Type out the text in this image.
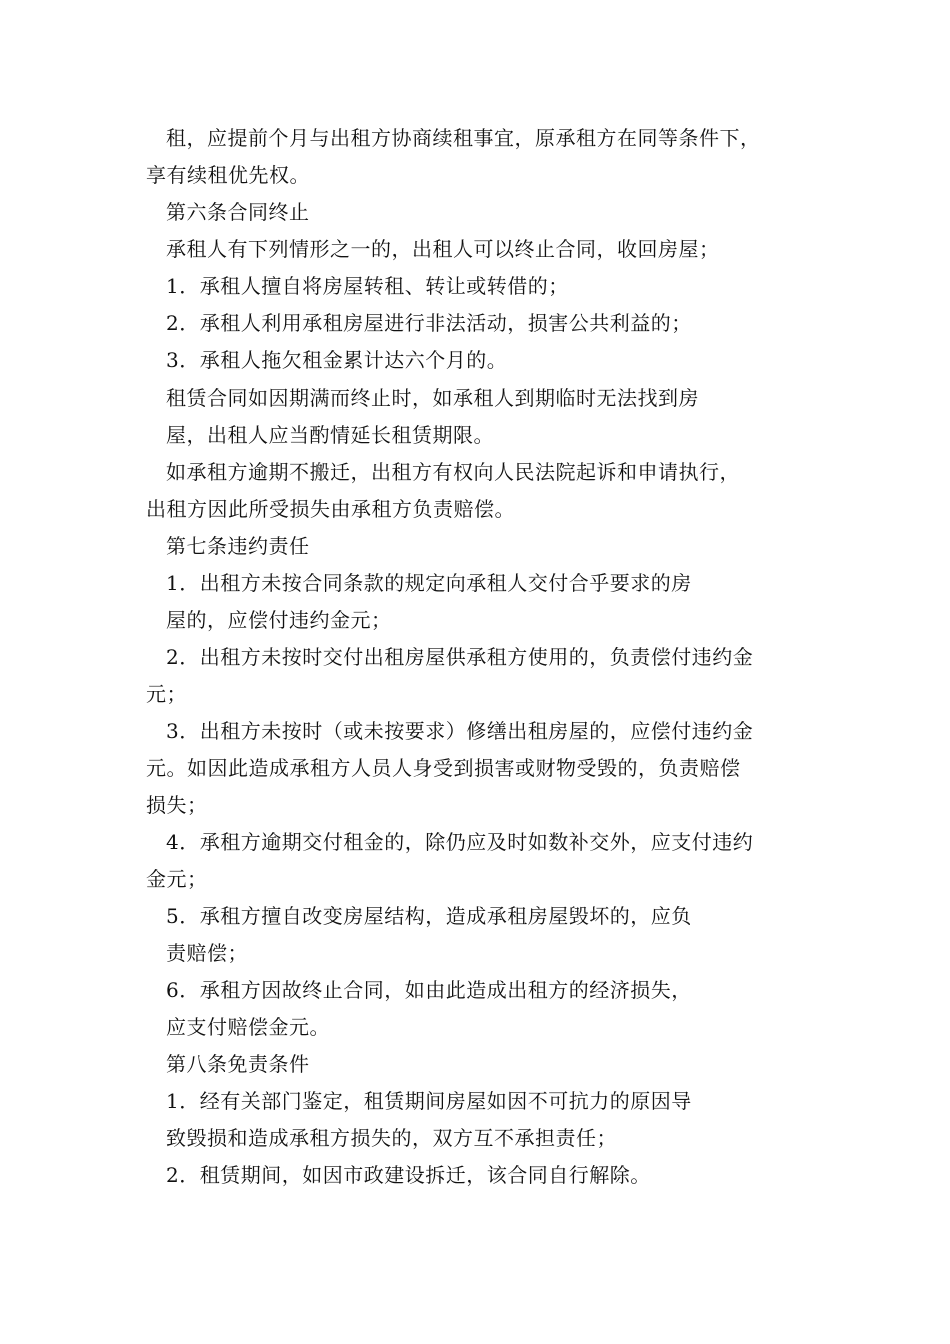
租，应提前个月与出租方协商续租事宜，原承租方在同等条件下，
享有续租优先权。
第六条合同终止
承租人有下列情形之一的，出租人可以终止合同，收回房屋；
1．承租人擅自将房屋转租、转让或转借的；
2．承租人利用承租房屋进行非法活动，损害公共利益的；
3．承租人拖欠租金累计达六个月的。
租赁合同如因期满而终止时，如承租人到期临时无法找到房
屋，出租人应当酌情延长租赁期限。
如承租方逾期不搬迁，出租方有权向人民法院起诉和申请执行，
出租方因此所受损失由承租方负责赔偿。
第七条违约责任
1．出租方未按合同条款的规定向承租人交付合乎要求的房
屋的，应偿付违约金元；
2．出租方未按时交付出租房屋供承租方使用的，负责偿付违约金
元；
3．出租方未按时（或未按要求）修缮出租房屋的，应偿付违约金
元。如因此造成承租方人员人身受到损害或财物受毁的，负责赔偿
损失；
4．承租方逾期交付租金的，除仍应及时如数补交外，应支付违约
金元；
5．承租方擅自改变房屋结构，造成承租房屋毁坏的，应负
责赔偿；
6．承租方因故终止合同，如由此造成出租方的经济损失，
应支付赔偿金元。
第八条免责条件
1．经有关部门鉴定，租赁期间房屋如因不可抗力的原因导
致毁损和造成承租方损失的，双方互不承担责任；
2．租赁期间，如因市政建设拆迁，该合同自行解除。
